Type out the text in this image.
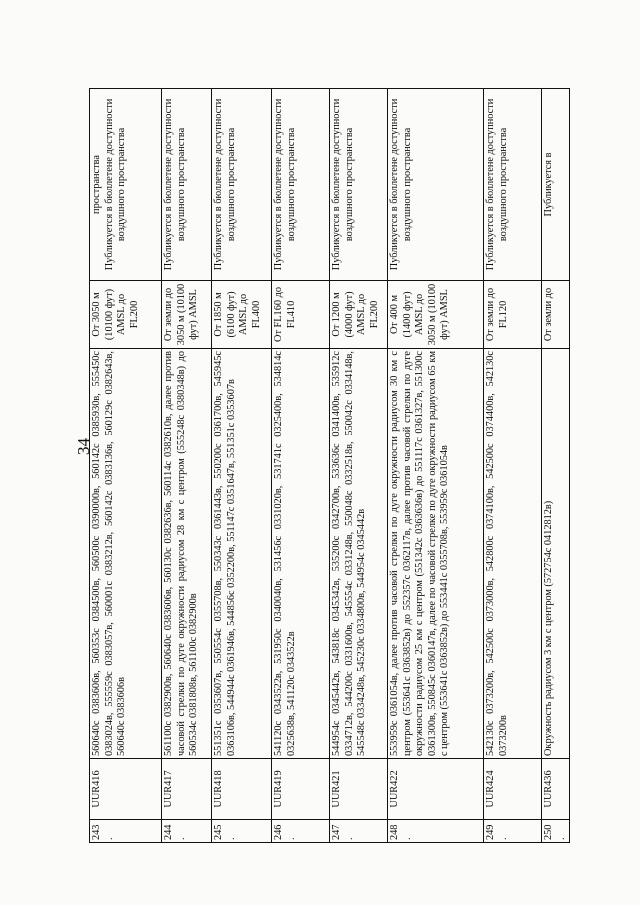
34
243.	UUR416	560640с 0383606в, 560353с 0384500в, 560500с 0390000в, 560142с 0385930в, 555450с 0383024в, 555559с 0383057в, 560001с 0383212в, 560142с 0383136в, 560129с 0382643в, 560640с 0383606в	От 3050 м (10100 фут) AMSL до FL200	пространства Публикуется в бюллетене доступности воздушного пространства
244.	UUR417	561100с 0382900в, 560640с 0383606в, 560130с 0382636в, 560114с 0382610в, далее против часовой стрелки по дуге окружности радиусом 28 км с центром (555248с 0380348в) до 560534с 0381808в, 561100с 0382900в	От земли до 3050 м (10100 фут) AMSL	Публикуется в бюллетене доступности воздушного пространства
245.	UUR418	551351с 0353607в, 550554с 0355708в, 550343с 0361443в, 550200с 0361700в, 545945с 0363106в, 544944с 0361946в, 544856с 0352200в, 551147с 0351647в, 551351с 0353607в	От 1850 м (6100 фут) AMSL до FL400	Публикуется в бюллетене доступности воздушного пространства
246.	UUR419	541120с 0343522в, 531950с 0340040в, 531456с 0331020в, 531741с 0325400в, 534814с 0325638в, 541120с 0343522в	От FL160 до FL410	Публикуется в бюллетене доступности воздушного пространства
247.	UUR421	544954с 0345442в, 543818с 0345342в, 535200с 0342700в, 533636с 0341400в, 535912с 0334712в, 544200с 0331600в, 545554с 0331248в, 550048с 0332518в, 550042с 0334148в, 545548с 0334248в, 545230с 0334800в, 544954с 0345442в	От 1200 м (4000 фут) AMSL до FL200	Публикуется в бюллетене доступности воздушного пространства
248.	UUR422	553959с 0361054в, далее против часовой стрелки по дуге окружности радиусом 30 км с центром (553641с 0363852в) до 552357с 0362117в, далее против часовой стрелки по дуге окружности радиусом 25 км с центром (551342с 0363636в) до 551117с 0361327в, 551300с 0361300в, 550845с 0360147в, далее по часовой стрелке по дуге окружности радиусом 65 км с центром (553641с 0363852в) до 553441с 0355708в, 553959с 0361054в	От 400 м (1400 фут) AMSL до 3050 м (10100 фут) AMSL	Публикуется в бюллетене доступности воздушного пространства
249.	UUR424	542130с 0373200в, 542500с 0373000в, 542800с 0374100в, 542500с 0374400в, 542130с 0373200в	От земли до FL120	Публикуется в бюллетене доступности воздушного пространства
250.	UUR436	Окружность радиусом 3 км с центром (572754с 0412812в)	От земли до	Публикуется в
